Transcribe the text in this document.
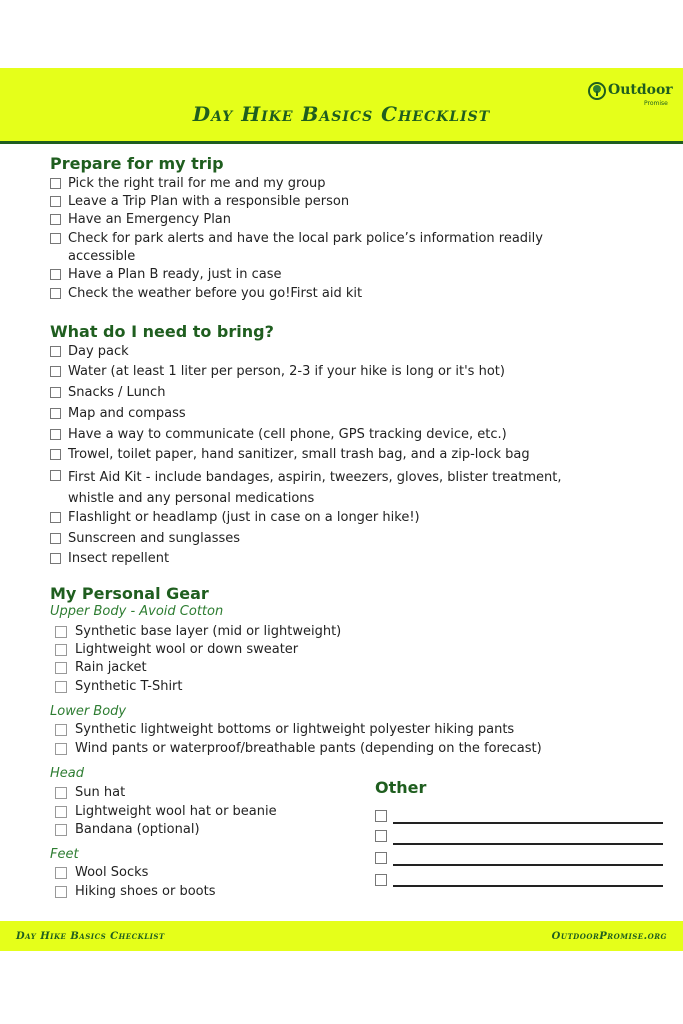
Outdoor
Promise
Day Hike Basics Checklist
Prepare for my trip
Pick the right trail for me and my group
Leave a Trip Plan with a responsible person
Have an Emergency Plan
Check for park alerts and have the local park police’s information readily accessible
Have a Plan B ready, just in case
Check the weather before you go!First aid kit
What do I need to bring?
Day pack
Water (at least 1 liter per person, 2-3 if your hike is long or it's hot)
Snacks / Lunch
Map and compass
Have a way to communicate (cell phone, GPS tracking device, etc.)
Trowel, toilet paper, hand sanitizer, small trash bag, and a zip-lock bag
First Aid Kit - include bandages, aspirin, tweezers, gloves, blister treatment, whistle and any personal medications
Flashlight or headlamp (just in case on a longer hike!)
Sunscreen and sunglasses
Insect repellent
My Personal Gear
Upper Body - Avoid Cotton
Synthetic base layer (mid or lightweight)
Lightweight wool or down sweater
Rain jacket
Synthetic T-Shirt
Lower Body
Synthetic lightweight bottoms or lightweight polyester hiking pants
Wind pants or waterproof/breathable pants (depending on the forecast)
Head
Sun hat
Lightweight wool hat or beanie
Bandana (optional)
Feet
Wool Socks
Hiking shoes or boots
Other
Day Hike Basics Checklist	OutdoorPromise.org
